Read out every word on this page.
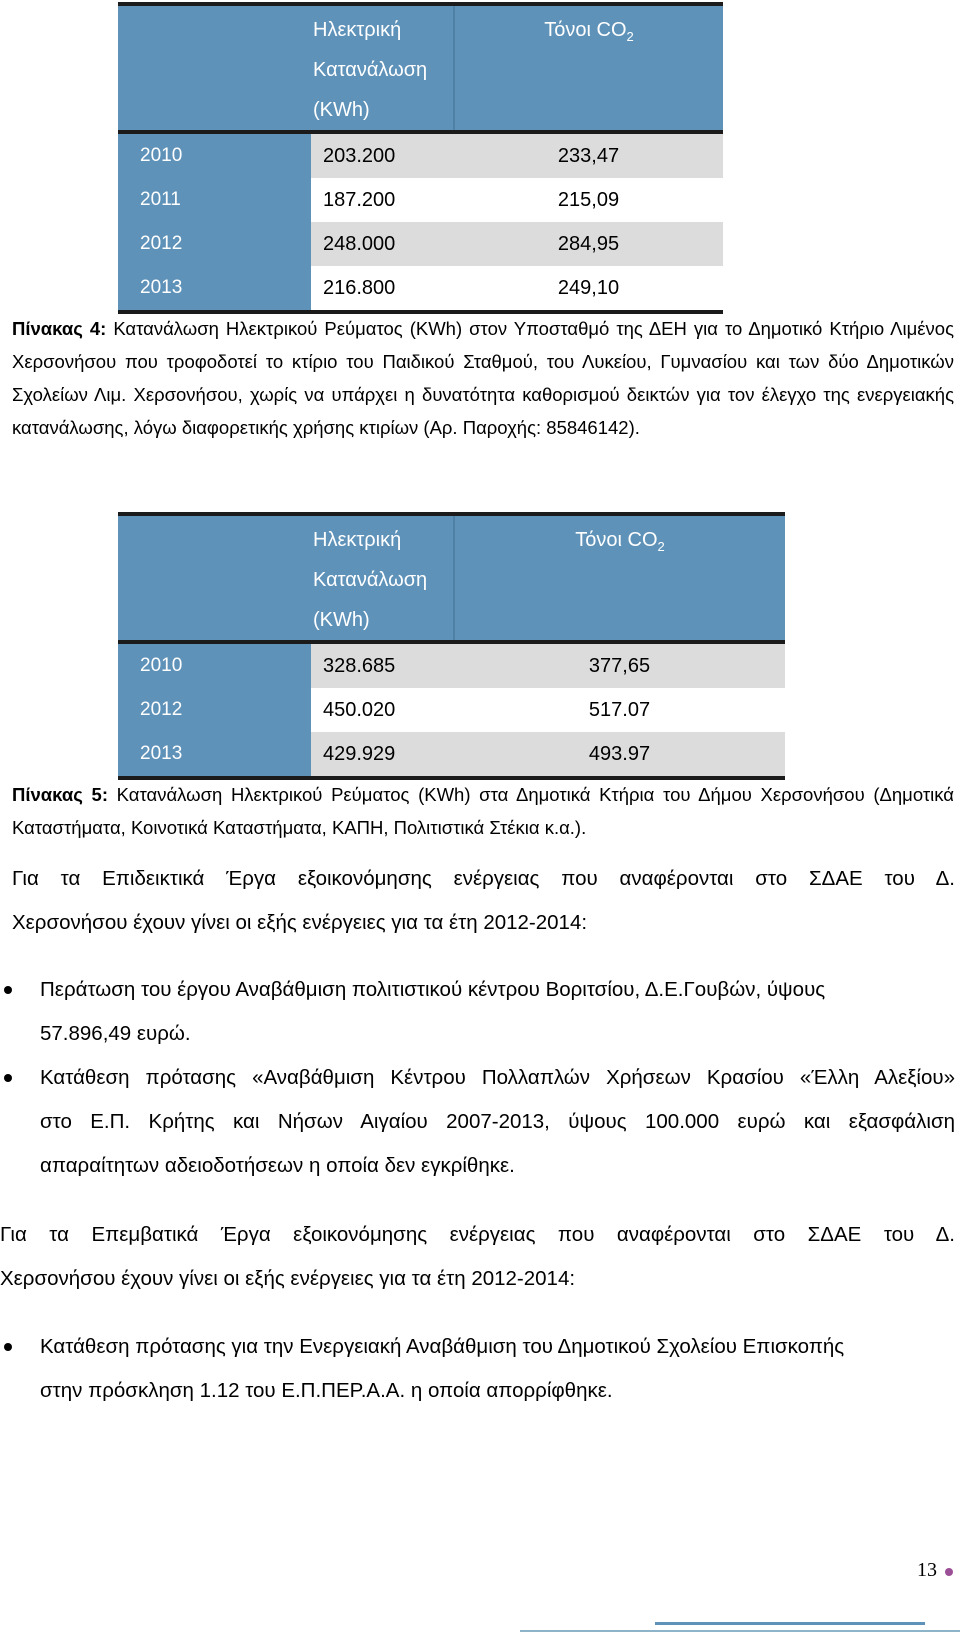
	Ηλεκτρική
Κατανάλωση
(KWh)	Τόνοι $CO_2$
2010	203.200	233,47
2011	187.200	215,09
2012	248.000	284,95
2013	216.800	249,10
Πίνακας 4: Κατανάλωση Ηλεκτρικού Ρεύματος (KWh) στον Υποσταθμό της ΔΕΗ για το Δημοτικό Κτήριο Λιμένος Χερσονήσου που τροφοδοτεί το κτίριο του Παιδικού Σταθμού, του Λυκείου, Γυμνασίου και των δύο Δημοτικών Σχολείων Λιμ. Χερσονήσου, χωρίς να υπάρχει η δυνατότητα καθορισμού δεικτών για τον έλεγχο της ενεργειακής κατανάλωσης, λόγω διαφορετικής χρήσης κτιρίων (Αρ. Παροχής: 85846142).

	Ηλεκτρική
Κατανάλωση
(KWh)	Τόνοι $CO_2$
2010	328.685	377,65
2012	450.020	517.07
2013	429.929	493.97
Πίνακας 5: Κατανάλωση Ηλεκτρικού Ρεύματος (KWh) στα Δημοτικά Κτήρια του Δήμου Χερσονήσου (Δημοτικά Καταστήματα, Κοινοτικά Καταστήματα, ΚΑΠΗ, Πολιτιστικά Στέκια κ.α.).
Για τα Επιδεικτικά Έργα εξοικονόμησης ενέργειας που αναφέρονται στο ΣΔΑΕ του Δ.
Χερσονήσου έχουν γίνει οι εξής ενέργειες για τα έτη 2012-2014:
Περάτωση του έργου Αναβάθμιση πολιτιστικού κέντρου Βοριτσίου, Δ.Ε.Γουβών, ύψους
57.896,49 ευρώ.
Κατάθεση πρότασης «Αναβάθμιση Κέντρου Πολλαπλών Χρήσεων Κρασίου «Έλλη Αλεξίου»
στο Ε.Π. Κρήτης και Νήσων Αιγαίου 2007-2013, ύψους 100.000 ευρώ και εξασφάλιση
απαραίτητων αδειοδοτήσεων η οποία δεν εγκρίθηκε.
Για τα Επεμβατικά Έργα εξοικονόμησης ενέργειας που αναφέρονται στο ΣΔΑΕ του Δ.
Χερσονήσου έχουν γίνει οι εξής ενέργειες για τα έτη 2012-2014:
Κατάθεση πρότασης για την Ενεργειακή Αναβάθμιση του Δημοτικού Σχολείου Επισκοπής
στην πρόσκληση 1.12 του Ε.Π.ΠΕΡ.Α.Α. η οποία απορρίφθηκε.
13
